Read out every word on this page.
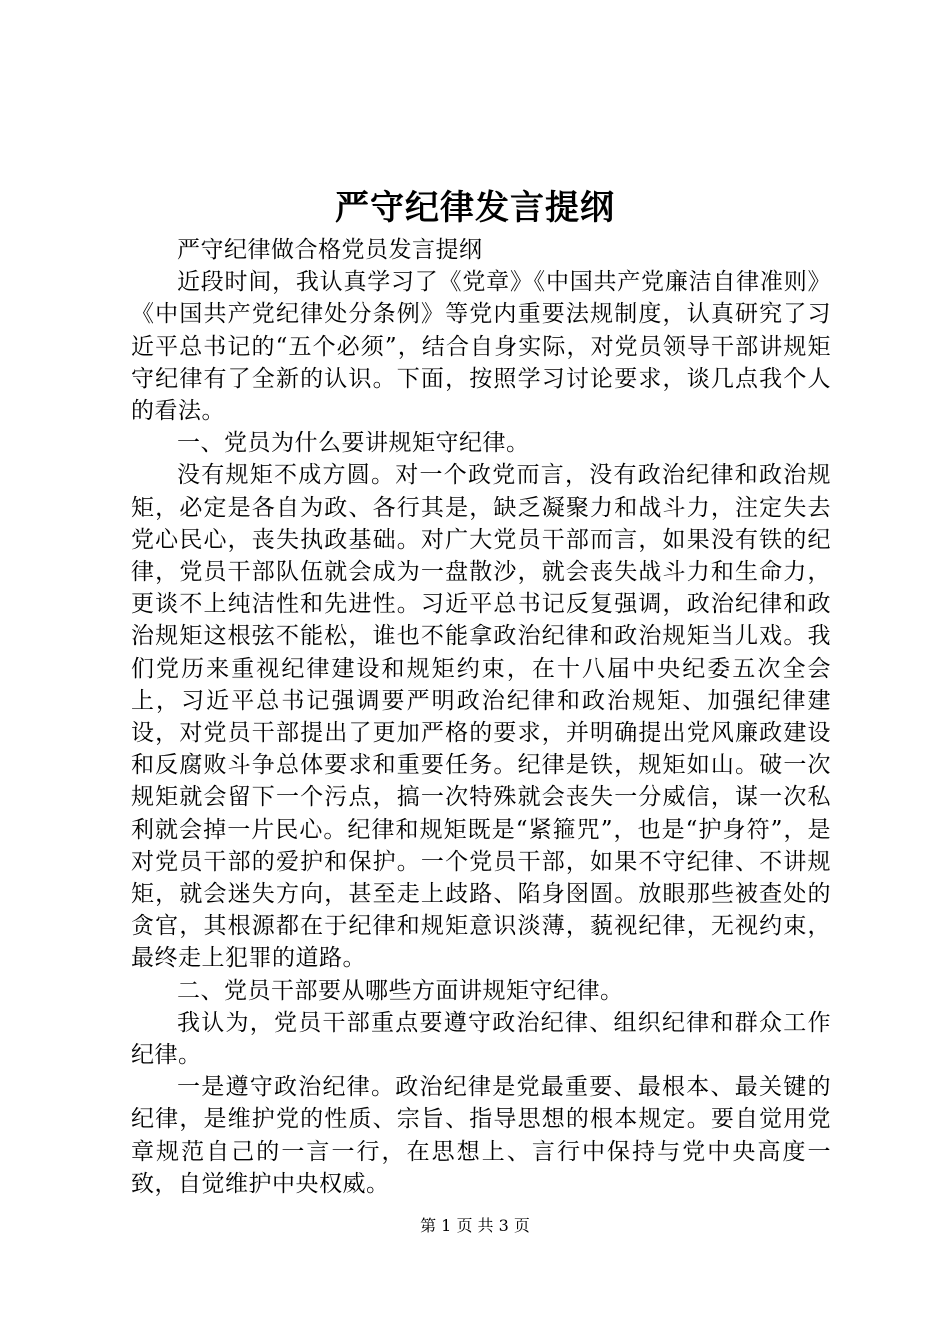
严守纪律发言提纲

严守纪律做合格党员发言提纲

近段时间，我认真学习了《党章》《中国共产党廉洁自律准则》《中国共产党纪律处分条例》等党内重要法规制度，认真研究了习近平总书记的“五个必须”，结合自身实际，对党员领导干部讲规矩守纪律有了全新的认识。下面，按照学习讨论要求，谈几点我个人的看法。

一、党员为什么要讲规矩守纪律。

没有规矩不成方圆。对一个政党而言，没有政治纪律和政治规矩，必定是各自为政、各行其是，缺乏凝聚力和战斗力，注定失去党心民心，丧失执政基础。对广大党员干部而言，如果没有铁的纪律，党员干部队伍就会成为一盘散沙，就会丧失战斗力和生命力，更谈不上纯洁性和先进性。习近平总书记反复强调，政治纪律和政治规矩这根弦不能松，谁也不能拿政治纪律和政治规矩当儿戏。我们党历来重视纪律建设和规矩约束，在十八届中央纪委五次全会上，习近平总书记强调要严明政治纪律和政治规矩、加强纪律建设，对党员干部提出了更加严格的要求，并明确提出党风廉政建设和反腐败斗争总体要求和重要任务。纪律是铁，规矩如山。破一次规矩就会留下一个污点，搞一次特殊就会丧失一分威信，谋一次私利就会掉一片民心。纪律和规矩既是“紧箍咒”，也是“护身符”，是对党员干部的爱护和保护。一个党员干部，如果不守纪律、不讲规矩，就会迷失方向，甚至走上歧路、陷身囹圄。放眼那些被查处的贪官，其根源都在于纪律和规矩意识淡薄，藐视纪律，无视约束，最终走上犯罪的道路。

二、党员干部要从哪些方面讲规矩守纪律。

我认为，党员干部重点要遵守政治纪律、组织纪律和群众工作纪律。

一是遵守政治纪律。政治纪律是党最重要、最根本、最关键的纪律，是维护党的性质、宗旨、指导思想的根本规定。要自觉用党章规范自己的一言一行，在思想上、言行中保持与党中央高度一致，自觉维护中央权威。

第 1 页 共 3 页
